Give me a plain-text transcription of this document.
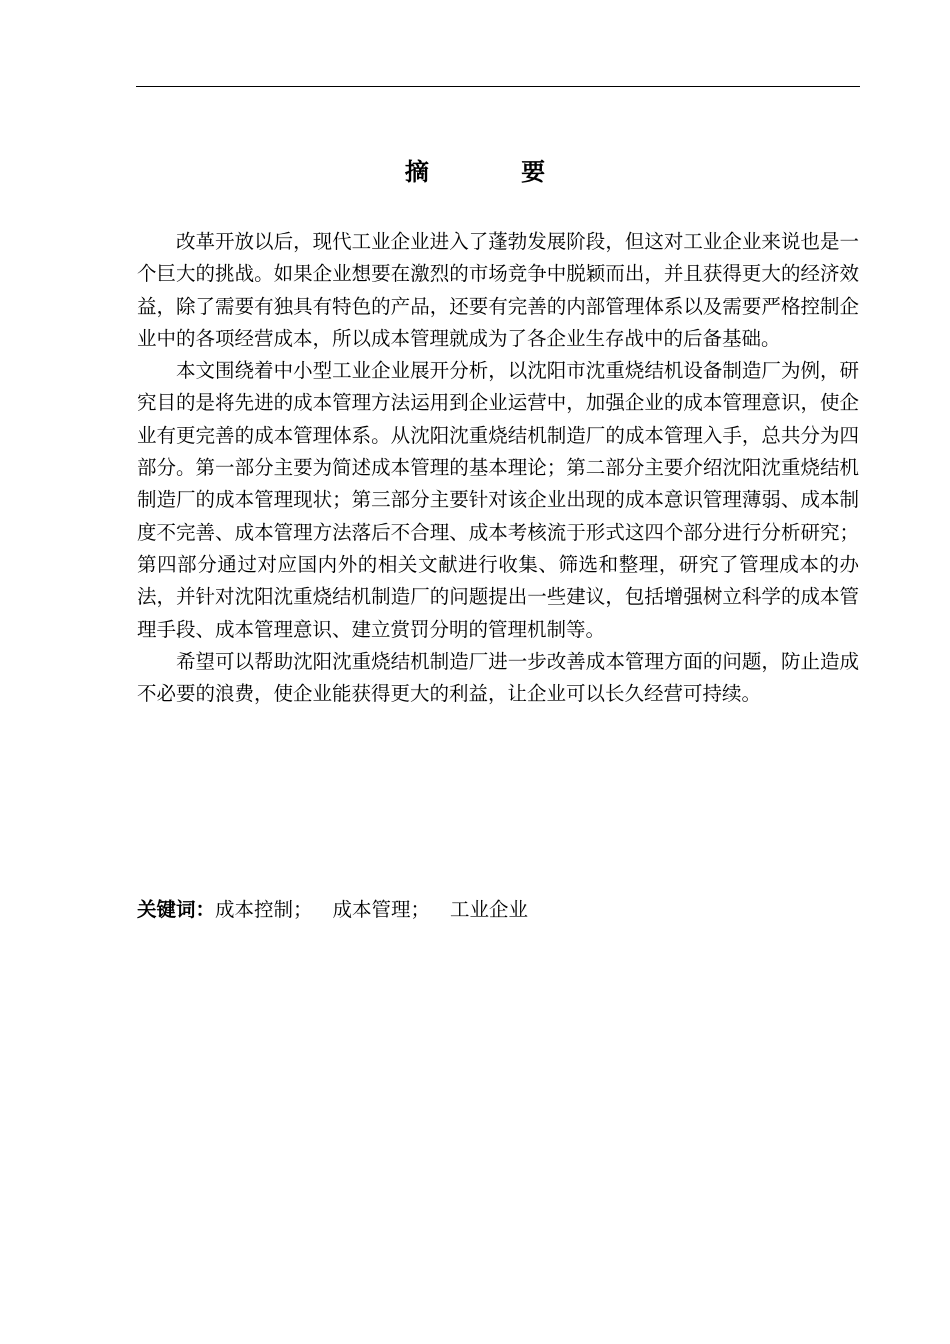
摘 要

改革开放以后，现代工业企业进入了蓬勃发展阶段，但这对工业企业来说也是一个巨大的挑战。如果企业想要在激烈的市场竞争中脱颖而出，并且获得更大的经济效益，除了需要有独具有特色的产品，还要有完善的内部管理体系以及需要严格控制企业中的各项经营成本，所以成本管理就成为了各企业生存战中的后备基础。

本文围绕着中小型工业企业展开分析，以沈阳市沈重烧结机设备制造厂为例，研究目的是将先进的成本管理方法运用到企业运营中，加强企业的成本管理意识，使企业有更完善的成本管理体系。从沈阳沈重烧结机制造厂的成本管理入手，总共分为四部分。第一部分主要为简述成本管理的基本理论；第二部分主要介绍沈阳沈重烧结机制造厂的成本管理现状；第三部分主要针对该企业出现的成本意识管理薄弱、成本制度不完善、成本管理方法落后不合理、成本考核流于形式这四个部分进行分析研究；第四部分通过对应国内外的相关文献进行收集、筛选和整理，研究了管理成本的办法，并针对沈阳沈重烧结机制造厂的问题提出一些建议，包括增强树立科学的成本管理手段、成本管理意识、建立赏罚分明的管理机制等。

希望可以帮助沈阳沈重烧结机制造厂进一步改善成本管理方面的问题，防止造成不必要的浪费，使企业能获得更大的利益，让企业可以长久经营可持续。

关键词：成本控制； 成本管理； 工业企业
